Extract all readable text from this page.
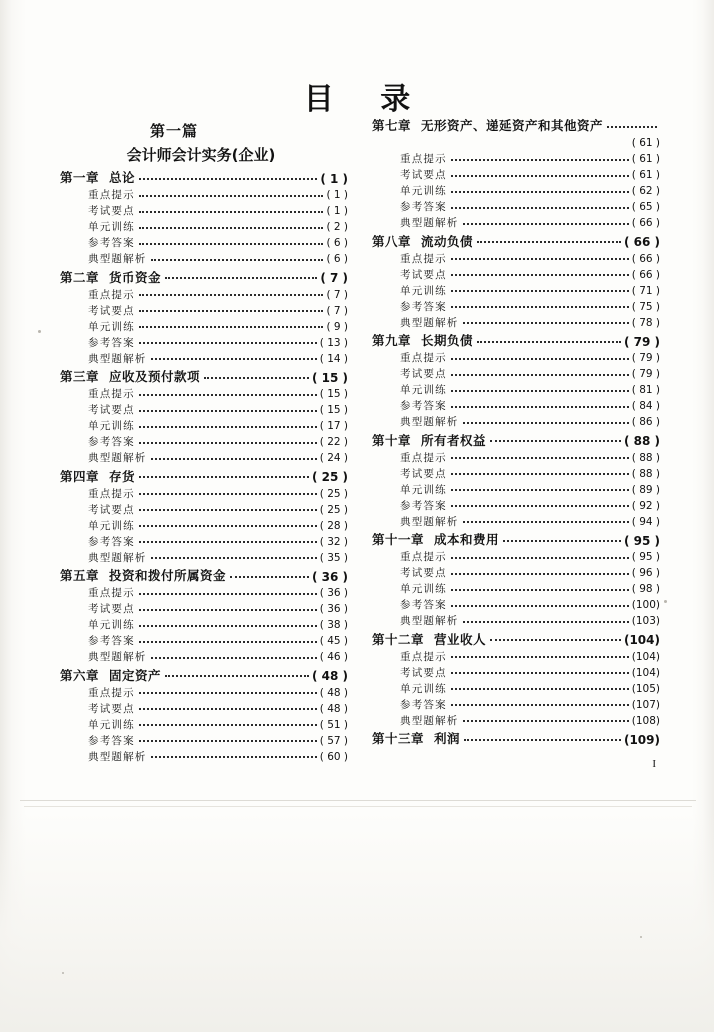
目 录
第一篇
会计师会计实务(企业)
第一章 总论	( 1 )
重点提示	( 1 )
考试要点	( 1 )
单元训练	( 2 )
参考答案	( 6 )
典型题解析	( 6 )
第二章 货币资金	( 7 )
重点提示	( 7 )
考试要点	( 7 )
单元训练	( 9 )
参考答案	( 13 )
典型题解析	( 14 )
第三章 应收及预付款项	( 15 )
重点提示	( 15 )
考试要点	( 15 )
单元训练	( 17 )
参考答案	( 22 )
典型题解析	( 24 )
第四章 存货	( 25 )
重点提示	( 25 )
考试要点	( 25 )
单元训练	( 28 )
参考答案	( 32 )
典型题解析	( 35 )
第五章 投资和拨付所属资金	( 36 )
重点提示	( 36 )
考试要点	( 36 )
单元训练	( 38 )
参考答案	( 45 )
典型题解析	( 46 )
第六章 固定资产	( 48 )
重点提示	( 48 )
考试要点	( 48 )
单元训练	( 51 )
参考答案	( 57 )
典型题解析	( 60 )
第七章 无形资产、递延资产和其他资产
( 61 )
重点提示	( 61 )
考试要点	( 61 )
单元训练	( 62 )
参考答案	( 65 )
典型题解析	( 66 )
第八章 流动负债	( 66 )
重点提示	( 66 )
考试要点	( 66 )
单元训练	( 71 )
参考答案	( 75 )
典型题解析	( 78 )
第九章 长期负债	( 79 )
重点提示	( 79 )
考试要点	( 79 )
单元训练	( 81 )
参考答案	( 84 )
典型题解析	( 86 )
第十章 所有者权益	( 88 )
重点提示	( 88 )
考试要点	( 88 )
单元训练	( 89 )
参考答案	( 92 )
典型题解析	( 94 )
第十一章 成本和费用	( 95 )
重点提示	( 95 )
考试要点	( 96 )
单元训练	( 98 )
参考答案	(100)
典型题解析	(103)
第十二章 营业收人	(104)
重点提示	(104)
考试要点	(104)
单元训练	(105)
参考答案	(107)
典型题解析	(108)
第十三章 利润	(109)
I
